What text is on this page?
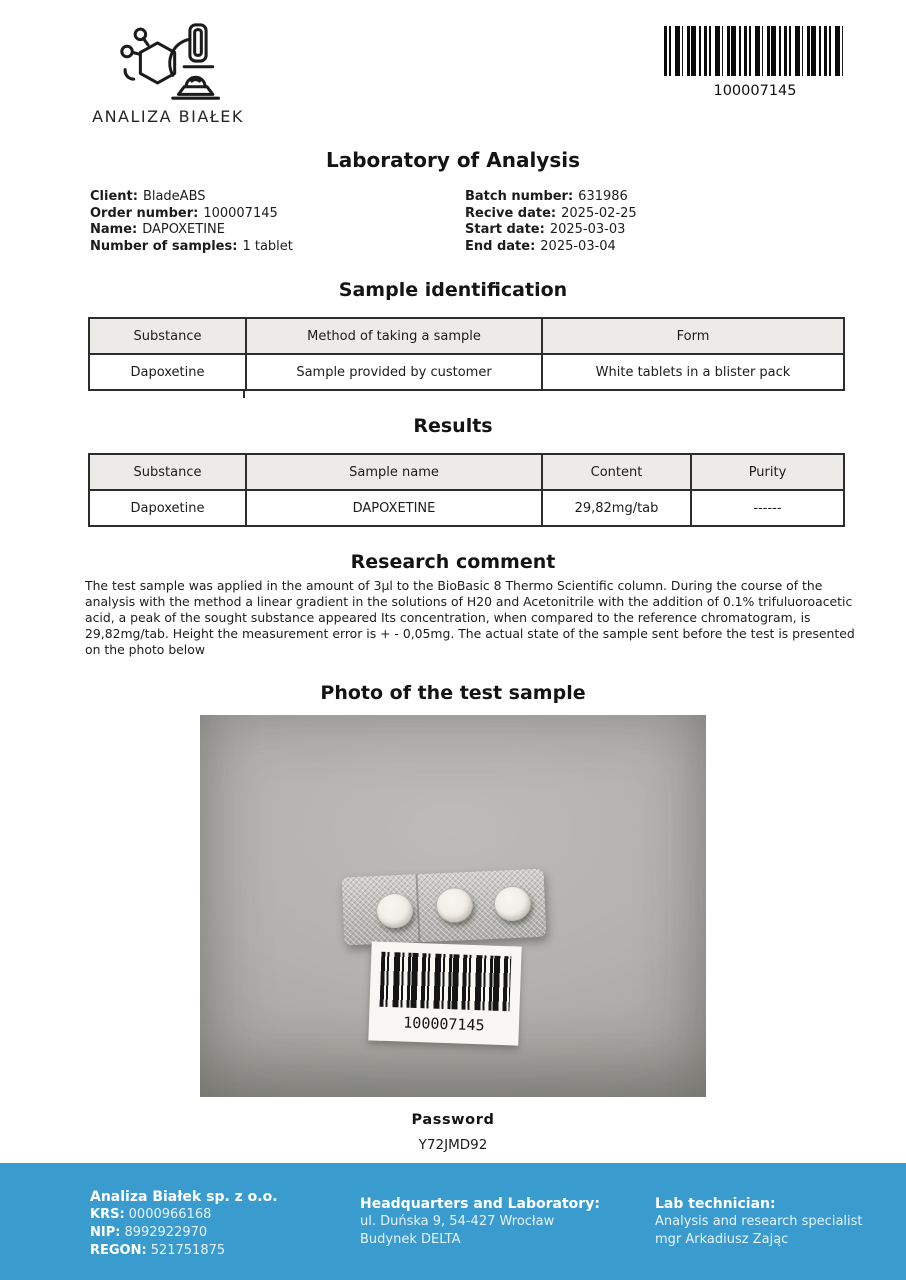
ANALIZA BIAŁEK
100007145
Laboratory of Analysis
Client: BladeABS
Order number: 100007145
Name: DAPOXETINE
Number of samples: 1 tablet
Batch number: 631986
Recive date: 2025-02-25
Start date: 2025-03-03
End date: 2025-03-04
Sample identification
Substance	Method of taking a sample	Form
Dapoxetine	Sample provided by customer	White tablets in a blister pack
Results
Substance	Sample name	Content	Purity
Dapoxetine	DAPOXETINE	29,82mg/tab	------
Research comment

The test sample was applied in the amount of 3µl to the BioBasic 8 Thermo Scientific column. During the course of the analysis with the method a linear gradient in the solutions of H20 and Acetonitrile with the addition of 0.1% trifuluoroacetic acid, a peak of the sought substance appeared Its concentration, when compared to the reference chromatogram, is 29,82mg/tab. Height the measurement error is + - 0,05mg. The actual state of the sample sent before the test is presented on the photo below

Photo of the test sample
100007145
Password
Y72JMD92
Analiza Białek sp. z o.o.
KRS: 0000966168
NIP: 8992922970
REGON: 521751875
Headquarters and Laboratory:
ul. Duńska 9, 54-427 Wrocław
Budynek DELTA
Lab technician:
Analysis and research specialist
mgr Arkadiusz Zając
